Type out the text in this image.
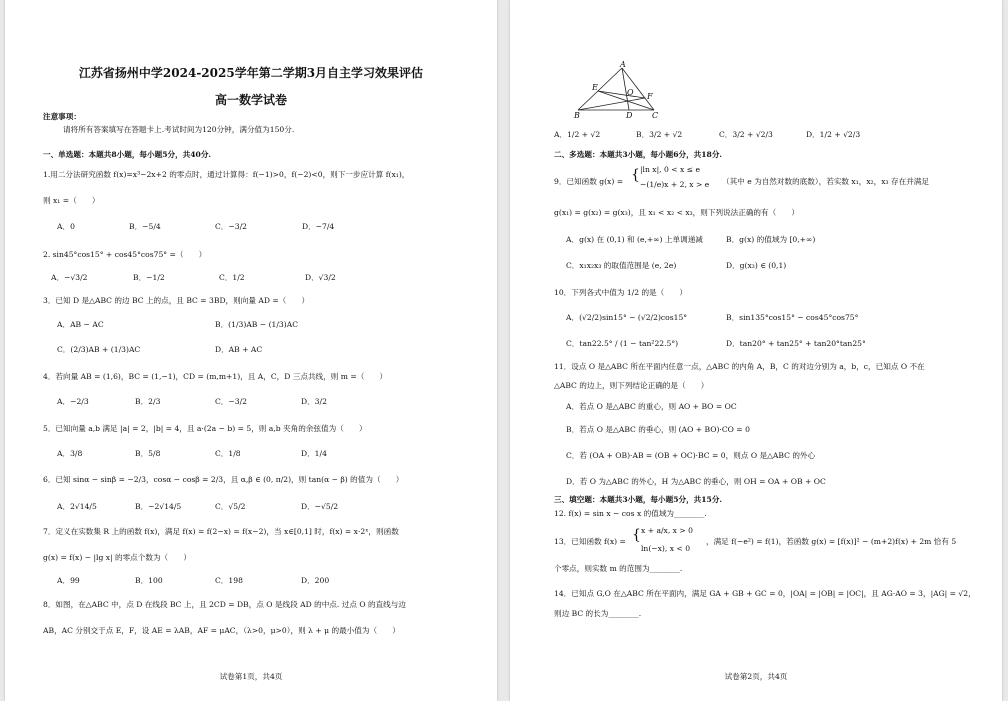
江苏省扬州中学2024-2025学年第二学期3月自主学习效果评估
高一数学试卷
注意事项：
请将所有答案填写在答题卡上.考试时间为120分钟，满分值为150分.
一、单选题：本题共8小题，每小题5分，共40分.
1.用二分法研究函数 f(x)=x³−2x+2 的零点时，通过计算得：f(−1)>0，f(−2)<0，则下一步应计算 f(x₁)，
则 x₁ =（　　）
A．0	B．−5/4	C．−3/2	D．−7/4
2. sin45°cos15° + cos45°cos75° =（　　）
A．−√3/2	B．−1/2	C．1/2	D．√3/2
3．已知 D 是△ABC 的边 BC 上的点，且 BC = 3BD，则向量 AD =（　　）
A．AB − AC	B．(1/3)AB − (1/3)AC
C．(2/3)AB + (1/3)AC	D．AB + AC
4．若向量 AB = (1,6)，BC = (1,−1)，CD = (m,m+1)，且 A，C，D 三点共线，则 m =（　　）
A．−2/3	B．2/3	C．−3/2	D．3/2
5．已知向量 a,b 满足 |a| = 2，|b| = 4，且 a·(2a − b) = 5，则 a,b 夹角的余弦值为（　　）
A．3/8	B．5/8	C．1/8	D．1/4
6．已知 sinα − sinβ = −2/3，cosα − cosβ = 2/3，且 α,β ∈ (0, π/2)，则 tan(α − β) 的值为（　　）
A．2√14/5	B．−2√14/5	C．√5/2	D．−√5/2
7．定义在实数集 R 上的函数 f(x)，满足 f(x) = f(2−x) = f(x−2)，当 x∈[0,1] 时，f(x) = x·2ˣ，则函数
g(x) = f(x) − |lg x| 的零点个数为（　　）
A．99	B．100	C．198	D．200
8．如图，在△ABC 中，点 D 在线段 BC 上，且 2CD = DB，点 O 是线段 AD 的中点. 过点 O 的直线与边
AB，AC 分别交于点 E，F，设 AE = λAB，AF = μAC，（λ>0，μ>0），则 λ + μ 的最小值为（　　）
试卷第1页，共4页
A
E
O F
B	D C
A．1/2 + √2	B．3/2 + √2	C．3/2 + √2/3	D．1/2 + √2/3
二、多选题：本题共3小题，每小题6分，共18分.
9．已知函数 g(x) = { |ln x|, 0 < x ≤ e
−(1/e)x + 2, x > e （其中 e 为自然对数的底数），若实数 x₁，x₂，x₃ 存在并满足
g(x₁) = g(x₂) = g(x₃)，且 x₁ < x₂ < x₃，则下列说法正确的有（　　）
A．g(x) 在 (0,1) 和 (e,+∞) 上单调递减	B．g(x) 的值域为 [0,+∞)
C．x₁x₂x₃ 的取值范围是 (e, 2e)	D．g(x₃) ∈ (0,1)
10．下列各式中值为 1/2 的是（　　）
A．(√2/2)sin15° − (√2/2)cos15°	B．sin135°cos15° − cos45°cos75°
C．tan22.5° / (1 − tan²22.5°)	D．tan20° + tan25° + tan20°tan25°
11．设点 O 是△ABC 所在平面内任意一点，△ABC 的内角 A，B，C 的对边分别为 a，b，c，已知点 O 不在
△ABC 的边上，则下列结论正确的是（　　）
A．若点 O 是△ABC 的重心，则 AO + BO = OC
B．若点 O 是△ABC 的垂心，则 (AO + BO)·CO = 0
C．若 (OA + OB)·AB = (OB + OC)·BC = 0，则点 O 是△ABC 的外心
D．若 O 为△ABC 的外心，H 为△ABC 的垂心，则 OH = OA + OB + OC
三、填空题：本题共3小题，每小题5分，共15分.
12. f(x) = sin x − cos x 的值域为________.
13．已知函数 f(x) = { x + a/x, x > 0
ln(−x), x < 0
，满足 f(−e²) = f(1)，若函数 g(x) = [f(x)]² − (m+2)f(x) + 2m 恰有 5
个零点，则实数 m 的范围为________.
14．已知点 G,O 在△ABC 所在平面内，满足 GA + GB + GC = 0，|OA| = |OB| = |OC|，且 AG·AO = 3，|AG| = √2，
则边 BC 的长为________.
试卷第2页，共4页
